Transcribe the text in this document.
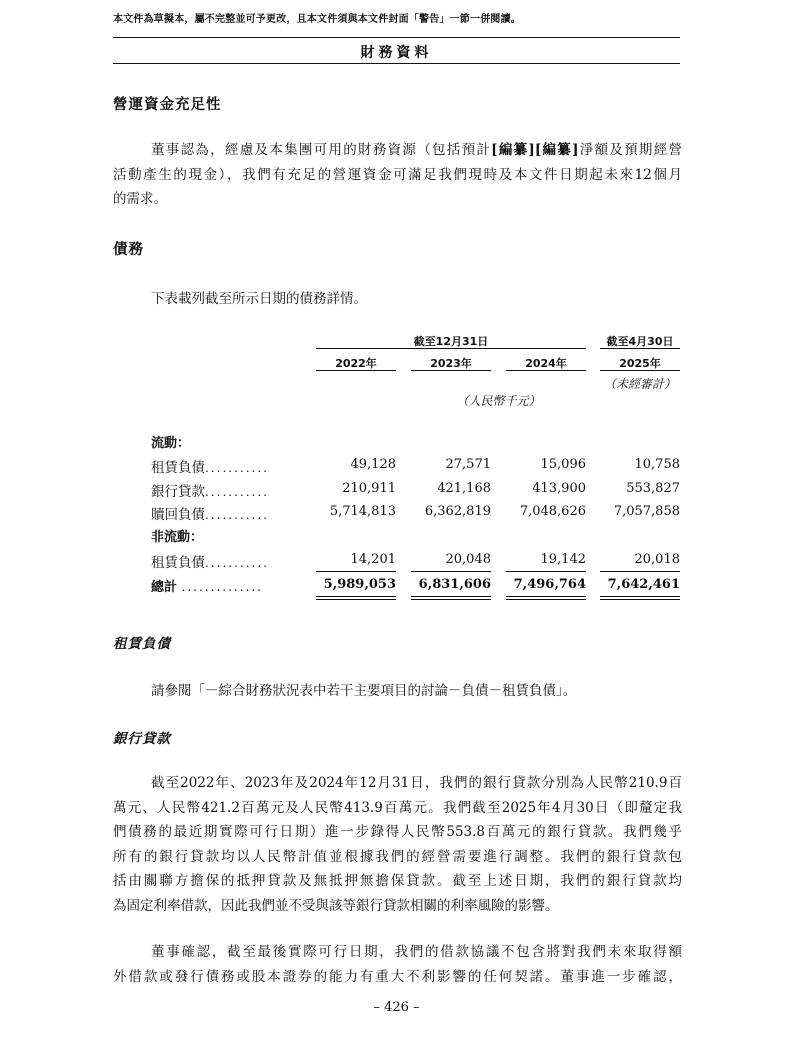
本文件為草擬本，屬不完整並可予更改，且本文件須與本文件封面「警告」一節一併閱讀。
財務資料
營運資金充足性
董事認為，經慮及本集團可用的財務資源（包括預計[編纂][編纂]淨額及預期經營
活動產生的現金），我們有充足的營運資金可滿足我們現時及本文件日期起未來12個月
的需求。
債務
下表載列截至所示日期的債務詳情。
截至12月31日	截至4月30日
2022年	2023年	2024年	2025年
（未經審計）
（人民幣千元）
流動：
租賃負債...........	49,128	27,571	15,096	10,758
銀行貸款...........	210,911	421,168	413,900	553,827
贖回負債...........	5,714,813	6,362,819	7,048,626	7,057,858
非流動：
租賃負債...........	14,201	20,048	19,142	20,018
總計 ..............	5,989,053	6,831,606	7,496,764	7,642,461
租賃負債
請參閱「－綜合財務狀況表中若干主要項目的討論－負債－租賃負債」。
銀行貸款
截至2022年、2023年及2024年12月31日，我們的銀行貸款分別為人民幣210.9百
萬元、人民幣421.2百萬元及人民幣413.9百萬元。我們截至2025年4月30日（即釐定我
們債務的最近期實際可行日期）進一步錄得人民幣553.8百萬元的銀行貸款。我們幾乎
所有的銀行貸款均以人民幣計值並根據我們的經營需要進行調整。我們的銀行貸款包
括由關聯方擔保的抵押貸款及無抵押無擔保貸款。截至上述日期，我們的銀行貸款均
為固定利率借款，因此我們並不受與該等銀行貸款相關的利率風險的影響。
董事確認，截至最後實際可行日期，我們的借款協議不包含將對我們未來取得額
外借款或發行債務或股本證券的能力有重大不利影響的任何契諾。董事進一步確認，
– 426 –
